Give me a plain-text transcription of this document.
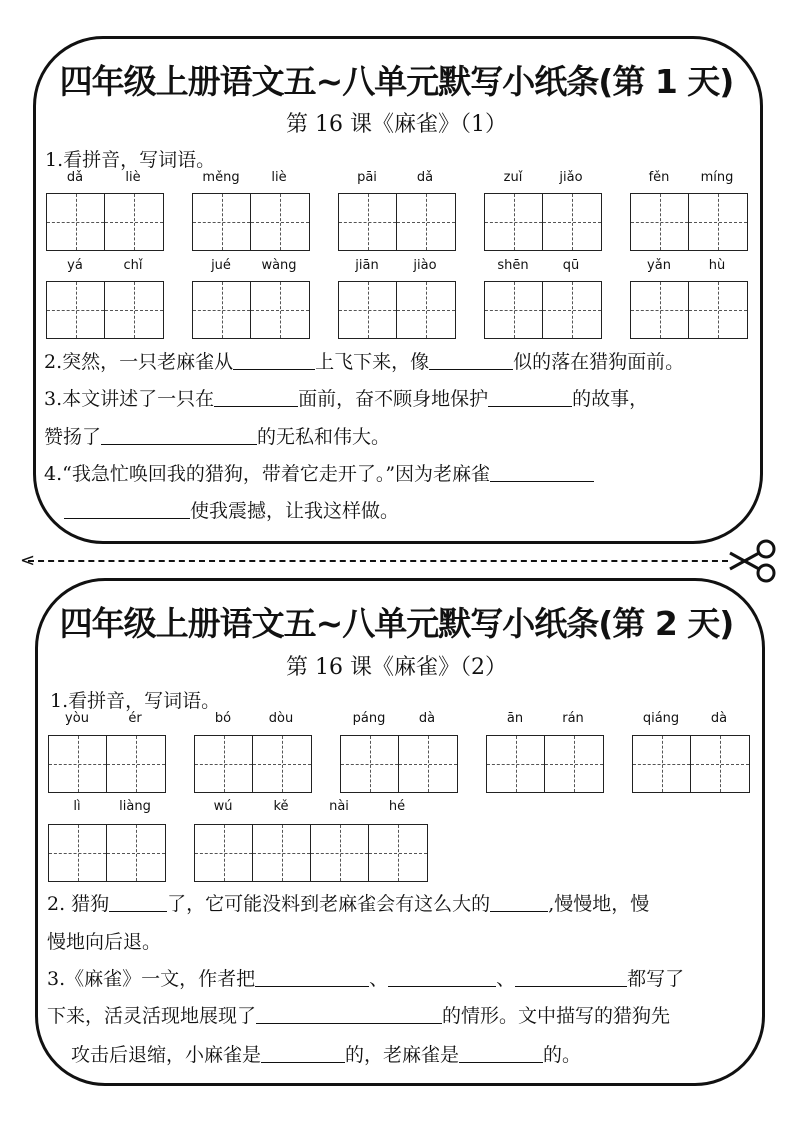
四年级上册语文五~八单元默写小纸条(第 1 天)
第 16 课《麻雀》（1）
1.看拼音，写词语。
dǎ	liè	měng	liè	pāi	dǎ	zuǐ	jiǎo	fěn	míng
yá	chǐ	jué	wàng	jiān	jiào	shēn	qū	yǎn	hù
2.突然，一只老麻雀从	上飞下来，像	似的落在猎狗面前。
3.本文讲述了一只在	面前，奋不顾身地保护	的故事，
赞扬了	的无私和伟大。
4.“我急忙唤回我的猎狗，带着它走开了。”因为老麻雀
使我震撼，让我这样做。
<
四年级上册语文五~八单元默写小纸条(第 2 天)
第 16 课《麻雀》（2）
1.看拼音，写词语。
yòu	ér	bó	dòu	páng	dà	ān	rán	qiáng	dà
lì	liàng	wú	kě	nài	hé
2. 猎狗	了，它可能没料到老麻雀会有这么大的	,慢慢地，慢
慢地向后退。
3.《麻雀》一文，作者把	、	、	都写了
下来，活灵活现地展现了	的情形。文中描写的猎狗先
攻击后退缩，小麻雀是	的，老麻雀是	的。
